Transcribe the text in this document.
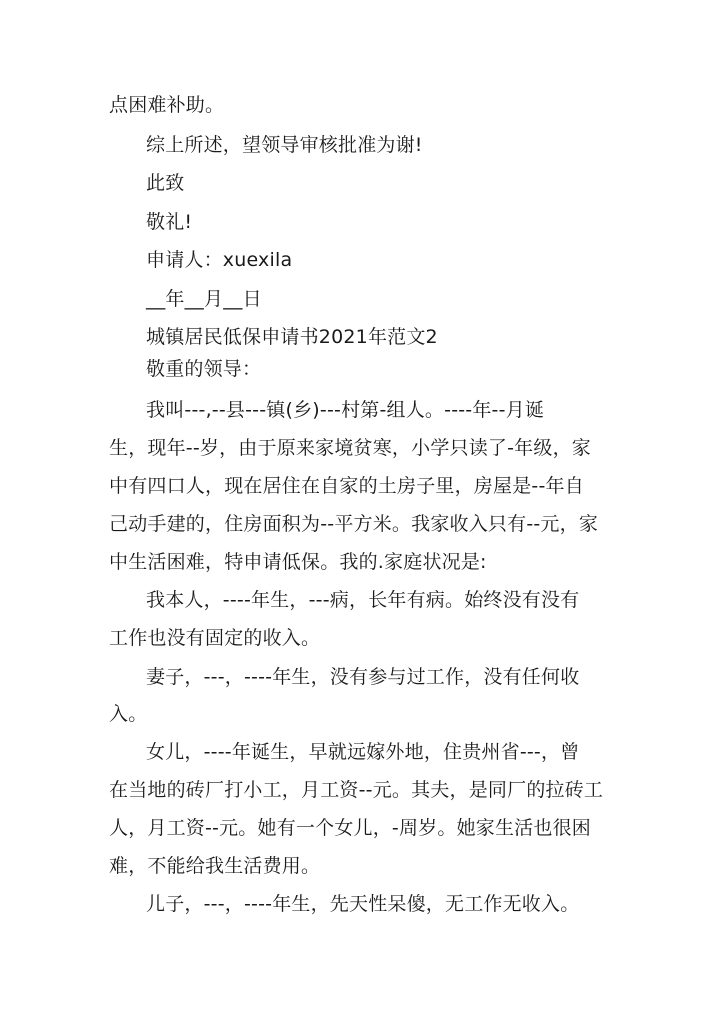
点困难补助。
综上所述，望领导审核批准为谢!
此致
敬礼!
申请人：xuexila
__年__月__日
城镇居民低保申请书2021年范文2
敬重的领导：
我叫---,--县---镇(乡)---村第-组人。----年--月诞
生，现年--岁，由于原来家境贫寒，小学只读了-年级，家
中有四口人，现在居住在自家的土房子里，房屋是--年自
己动手建的，住房面积为--平方米。我家收入只有--元，家
中生活困难，特申请低保。我的.家庭状况是:
我本人，----年生，---病，长年有病。始终没有没有
工作也没有固定的收入。
妻子，---，----年生，没有参与过工作，没有任何收
入。
女儿，----年诞生，早就远嫁外地，住贵州省---，曾
在当地的砖厂打小工，月工资--元。其夫，是同厂的拉砖工
人，月工资--元。她有一个女儿，-周岁。她家生活也很困
难，不能给我生活费用。
儿子，---，----年生，先天性呆傻，无工作无收入。
